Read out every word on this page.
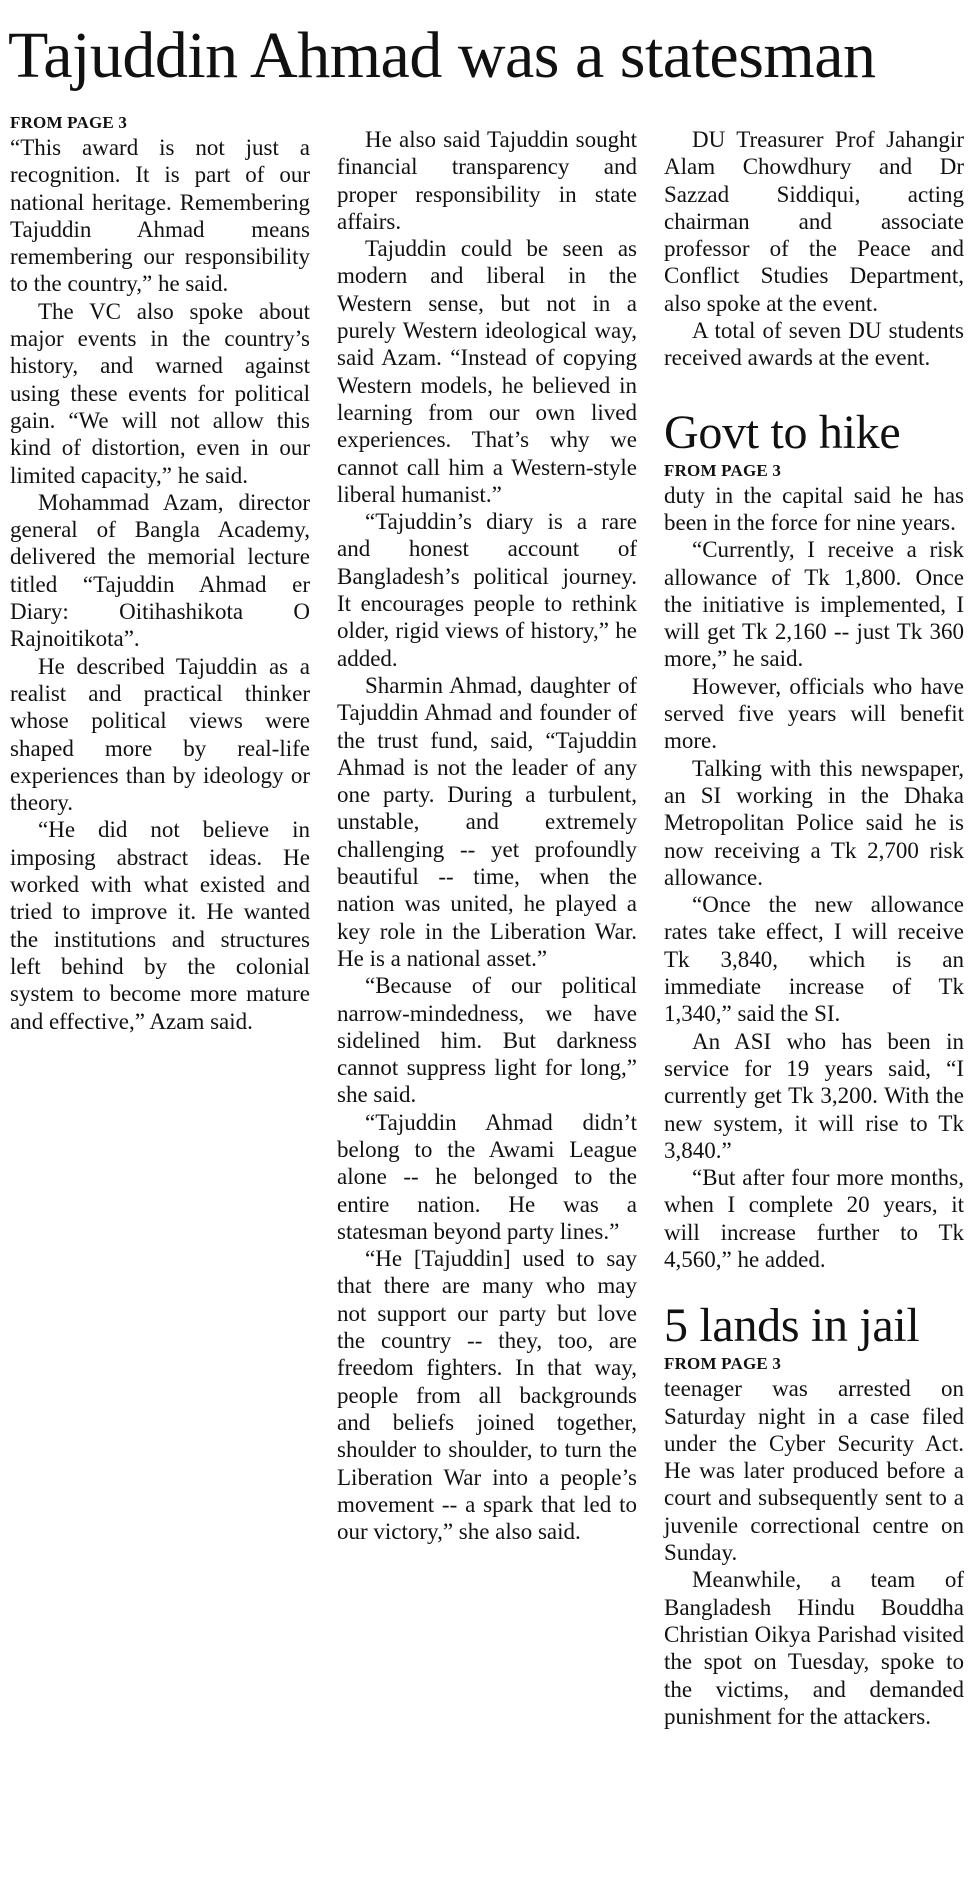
Tajuddin Ahmad was a statesman
FROM PAGE 3

“This award is not just a recognition. It is part of our national heritage. Remembering Tajuddin Ahmad means remembering our responsibility to the country,” he said.

The VC also spoke about major events in the country’s history, and warned against using these events for political gain. “We will not allow this kind of distortion, even in our limited capacity,” he said.

Mohammad Azam, director general of Bangla Academy, delivered the memorial lecture titled “Tajuddin Ahmad er Diary: Oitihashikota O Rajnoitikota”.

He described Tajuddin as a realist and practical thinker whose political views were shaped more by real-life experiences than by ideology or theory.

“He did not believe in imposing abstract ideas. He worked with what existed and tried to improve it. He wanted the institutions and structures left behind by the colonial system to become more mature and effective,” Azam said.

He also said Tajuddin sought financial transparency and proper responsibility in state affairs.

Tajuddin could be seen as modern and liberal in the Western sense, but not in a purely Western ideological way, said Azam. “Instead of copying Western models, he believed in learning from our own lived experiences. That’s why we cannot call him a Western-style liberal humanist.”

“Tajuddin’s diary is a rare and honest account of Bangladesh’s political journey. It encourages people to rethink older, rigid views of history,” he added.

Sharmin Ahmad, daughter of Tajuddin Ahmad and founder of the trust fund, said, “Tajuddin Ahmad is not the leader of any one party. During a turbulent, unstable, and extremely challenging -- yet profoundly beautiful -- time, when the nation was united, he played a key role in the Liberation War. He is a national asset.”

“Because of our political narrow-mindedness, we have sidelined him. But darkness cannot suppress light for long,” she said.

“Tajuddin Ahmad didn’t belong to the Awami League alone -- he belonged to the entire nation. He was a statesman beyond party lines.”

“He [Tajuddin] used to say that there are many who may not support our party but love the country -- they, too, are freedom fighters. In that way, people from all backgrounds and beliefs joined together, shoulder to shoulder, to turn the Liberation War into a people’s movement -- a spark that led to our victory,” she also said.

DU Treasurer Prof Jahangir Alam Chowdhury and Dr Sazzad Siddiqui, acting chairman and associate professor of the Peace and Conflict Studies Department, also spoke at the event.

A total of seven DU students received awards at the event.

Govt to hike
FROM PAGE 3

duty in the capital said he has been in the force for nine years.

“Currently, I receive a risk allowance of Tk 1,800. Once the initiative is implemented, I will get Tk 2,160 -- just Tk 360 more,” he said.

However, officials who have served five years will benefit more.

Talking with this newspaper, an SI working in the Dhaka Metropolitan Police said he is now receiving a Tk 2,700 risk allowance.

“Once the new allowance rates take effect, I will receive Tk 3,840, which is an immediate increase of Tk 1,340,” said the SI.

An ASI who has been in service for 19 years said, “I currently get Tk 3,200. With the new system, it will rise to Tk 3,840.”

“But after four more months, when I complete 20 years, it will increase further to Tk 4,560,” he added.

5 lands in jail
FROM PAGE 3

teenager was arrested on Saturday night in a case filed under the Cyber Security Act. He was later produced before a court and subsequently sent to a juvenile correctional centre on Sunday.

Meanwhile, a team of Bangladesh Hindu Bouddha Christian Oikya Parishad visited the spot on Tuesday, spoke to the victims, and demanded punishment for the attackers.
